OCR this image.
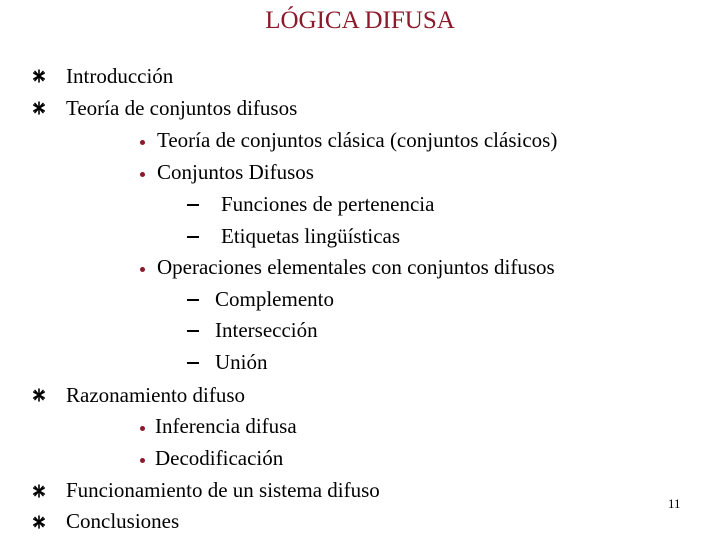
LÓGICA DIFUSA
Introducción
Teoría de conjuntos difusos
Teoría de conjuntos clásica (conjuntos clásicos)
Conjuntos Difusos
Funciones de pertenencia
Etiquetas lingüísticas
Operaciones elementales con conjuntos difusos
Complemento
Intersección
Unión
Razonamiento difuso
Inferencia difusa
Decodificación
Funcionamiento de un sistema difuso
Conclusiones
11
